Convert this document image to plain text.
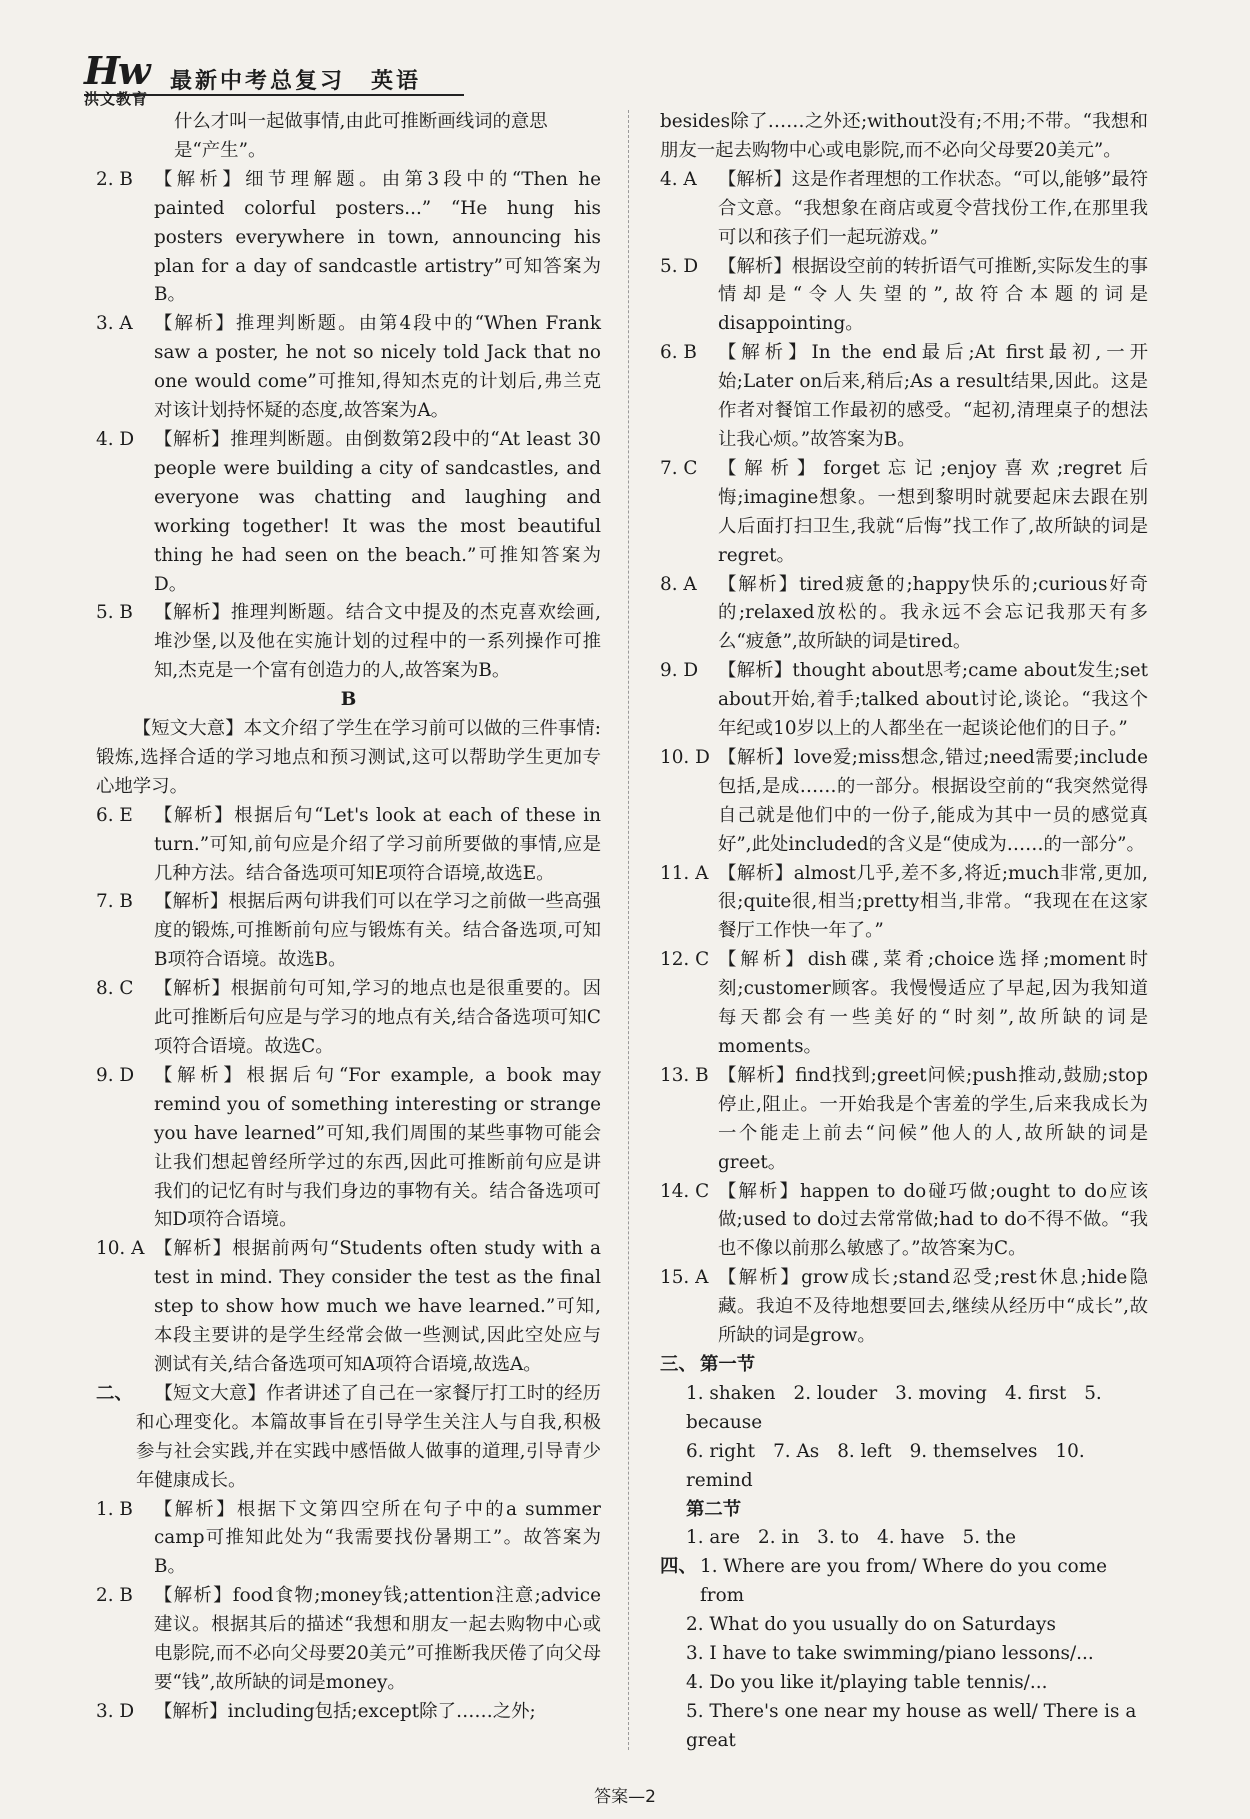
Hw
洪文教育
最新中考总复习 英语
什么才叫一起做事情,由此可推断画线词的意思
是“产生”。
2. B	【解析】细节理解题。由第3段中的“Then he painted colorful posters...” “He hung his posters everywhere in town, announcing his plan for a day of sandcastle artistry”可知答案为B。
3. A	【解析】推理判断题。由第4段中的“When Frank saw a poster, he not so nicely told Jack that no one would come”可推知,得知杰克的计划后,弗兰克对该计划持怀疑的态度,故答案为A。
4. D	【解析】推理判断题。由倒数第2段中的“At least 30 people were building a city of sandcastles, and everyone was chatting and laughing and working together! It was the most beautiful thing he had seen on the beach.”可推知答案为D。
5. B	【解析】推理判断题。结合文中提及的杰克喜欢绘画,堆沙堡,以及他在实施计划的过程中的一系列操作可推知,杰克是一个富有创造力的人,故答案为B。
B
【短文大意】本文介绍了学生在学习前可以做的三件事情:锻炼,选择合适的学习地点和预习测试,这可以帮助学生更加专心地学习。
6. E	【解析】根据后句“Let's look at each of these in turn.”可知,前句应是介绍了学习前所要做的事情,应是几种方法。结合备选项可知E项符合语境,故选E。
7. B	【解析】根据后两句讲我们可以在学习之前做一些高强度的锻炼,可推断前句应与锻炼有关。结合备选项,可知B项符合语境。故选B。
8. C	【解析】根据前句可知,学习的地点也是很重要的。因此可推断后句应是与学习的地点有关,结合备选项可知C项符合语境。故选C。
9. D	【解析】根据后句“For example, a book may remind you of something interesting or strange you have learned”可知,我们周围的某些事物可能会让我们想起曾经所学过的东西,因此可推断前句应是讲我们的记忆有时与我们身边的事物有关。结合备选项可知D项符合语境。
10. A 【解析】根据前两句“Students often study with a test in mind. They consider the test as the final step to show how much we have learned.”可知,本段主要讲的是学生经常会做一些测试,因此空处应与测试有关,结合备选项可知A项符合语境,故选A。
二、	【短文大意】作者讲述了自己在一家餐厅打工时的经历和心理变化。本篇故事旨在引导学生关注人与自我,积极参与社会实践,并在实践中感悟做人做事的道理,引导青少年健康成长。
1. B	【解析】根据下文第四空所在句子中的a summer camp可推知此处为“我需要找份暑期工”。故答案为B。
2. B	【解析】food食物;money钱;attention注意;advice建议。根据其后的描述“我想和朋友一起去购物中心或电影院,而不必向父母要20美元”可推断我厌倦了向父母要“钱”,故所缺的词是money。
3. D	【解析】including包括;except除了……之外;
besides除了……之外还;without没有;不用;不带。“我想和朋友一起去购物中心或电影院,而不必向父母要20美元”。
4. A	【解析】这是作者理想的工作状态。“可以,能够”最符合文意。“我想象在商店或夏令营找份工作,在那里我可以和孩子们一起玩游戏。”
5. D	【解析】根据设空前的转折语气可推断,实际发生的事情却是“令人失望的”,故符合本题的词是disappointing。
6. B	【解析】In the end最后;At first最初,一开始;Later on后来,稍后;As a result结果,因此。这是作者对餐馆工作最初的感受。“起初,清理桌子的想法让我心烦。”故答案为B。
7. C	【解析】forget忘记;enjoy喜欢;regret后悔;imagine想象。一想到黎明时就要起床去跟在别人后面打扫卫生,我就“后悔”找工作了,故所缺的词是regret。
8. A	【解析】tired疲惫的;happy快乐的;curious好奇的;relaxed放松的。我永远不会忘记我那天有多么“疲惫”,故所缺的词是tired。
9. D	【解析】thought about思考;came about发生;set about开始,着手;talked about讨论,谈论。“我这个年纪或10岁以上的人都坐在一起谈论他们的日子。”
10. D 【解析】love爱;miss想念,错过;need需要;include包括,是成……的一部分。根据设空前的“我突然觉得自己就是他们中的一份子,能成为其中一员的感觉真好”,此处included的含义是“使成为……的一部分”。
11. A 【解析】almost几乎,差不多,将近;much非常,更加,很;quite很,相当;pretty相当,非常。“我现在在这家餐厅工作快一年了。”
12. C 【解析】dish碟,菜肴;choice选择;moment时刻;customer顾客。我慢慢适应了早起,因为我知道每天都会有一些美好的“时刻”,故所缺的词是moments。
13. B 【解析】find找到;greet问候;push推动,鼓励;stop停止,阻止。一开始我是个害羞的学生,后来我成长为一个能走上前去“问候”他人的人,故所缺的词是greet。
14. C 【解析】happen to do碰巧做;ought to do应该做;used to do过去常常做;had to do不得不做。“我也不像以前那么敏感了。”故答案为C。
15. A 【解析】grow成长;stand忍受;rest休息;hide隐藏。我迫不及待地想要回去,继续从经历中“成长”,故所缺的词是grow。
三、 第一节
1. shaken 2. louder 3. moving 4. first 5. because
6. right 7. As 8. left 9. themselves 10. remind
第二节
1. are 2. in 3. to 4. have 5. the
四、 1. Where are you from/ Where do you come from
2. What do you usually do on Saturdays
3. I have to take swimming/piano lessons/...
4. Do you like it/playing table tennis/...
5. There's one near my house as well/ There is a great
答案—2
